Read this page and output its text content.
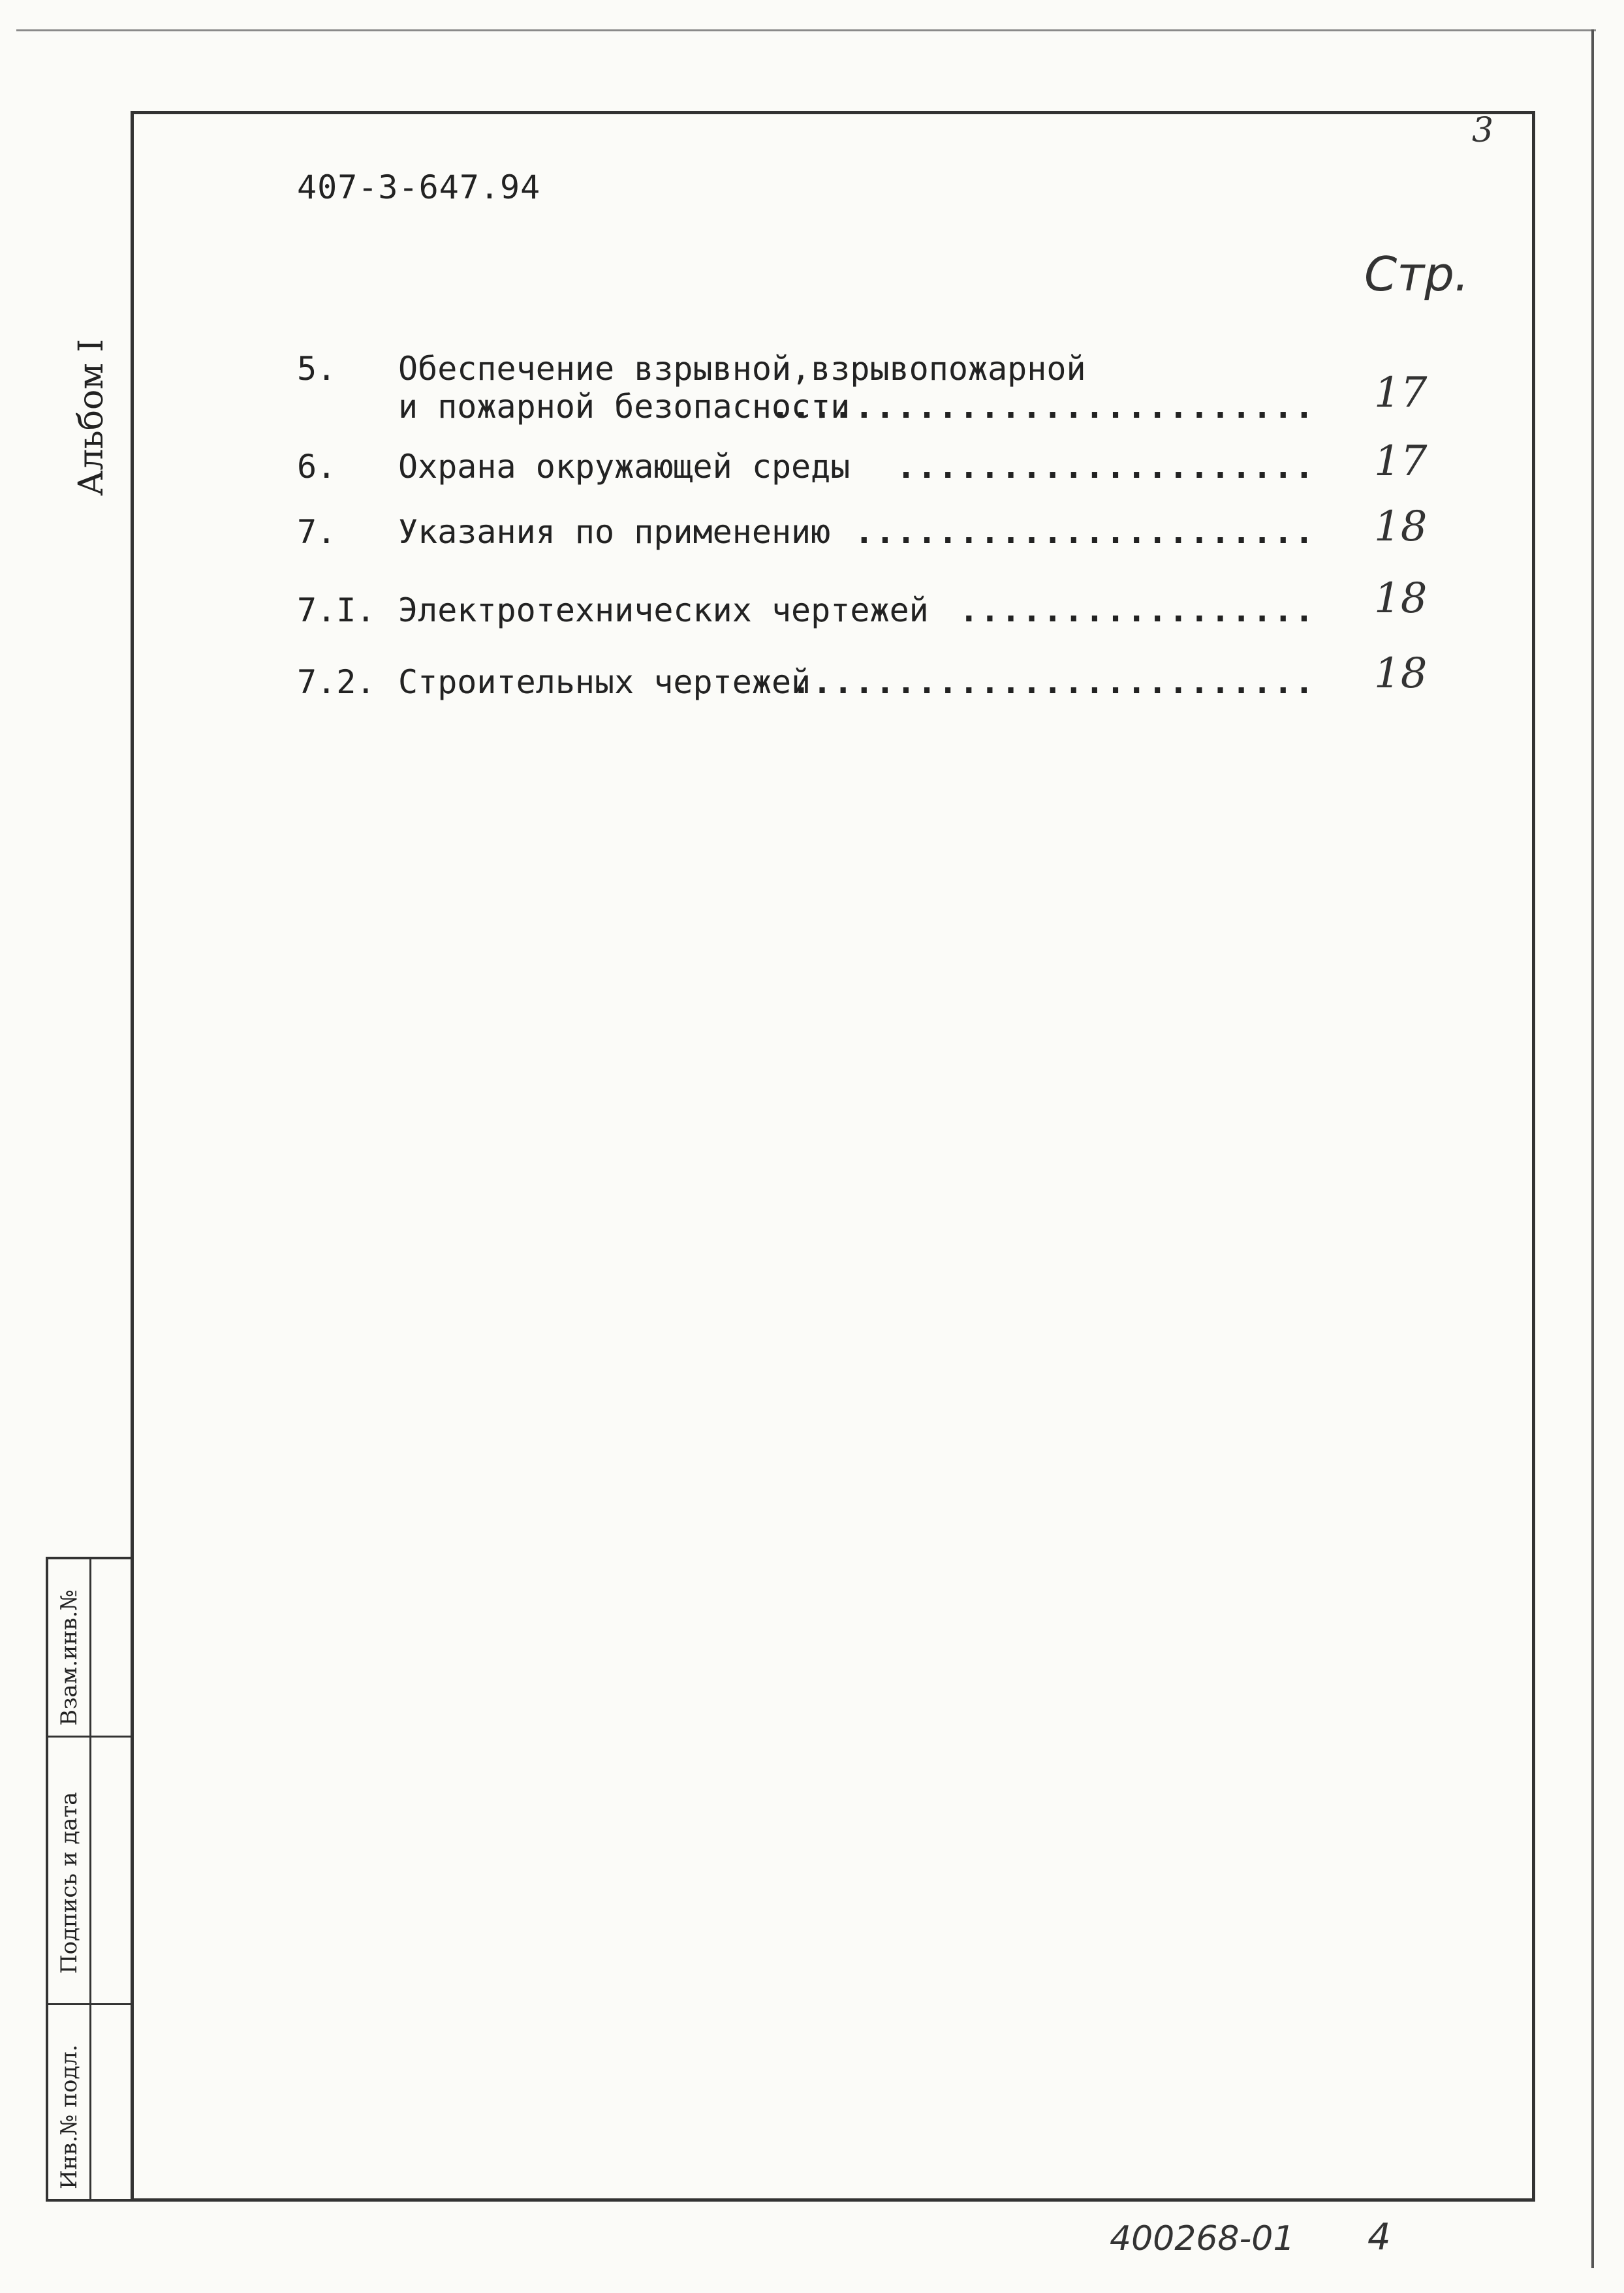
407-3-647.94
3
Стр.
5. Обеспечение взрывной,взрывопожарной
и пожарной безопасности
..........................
6. Охрана окружающей среды ....................
7. Указания по применению ......................
7.I. Электротехнических чертежей .................
7.2. Строительных чертежей
.........................
17
17
18
18
18
Альбом I
Взам.инв.№
Подпись и дата
Инв.№ подл.
400268-01 4
